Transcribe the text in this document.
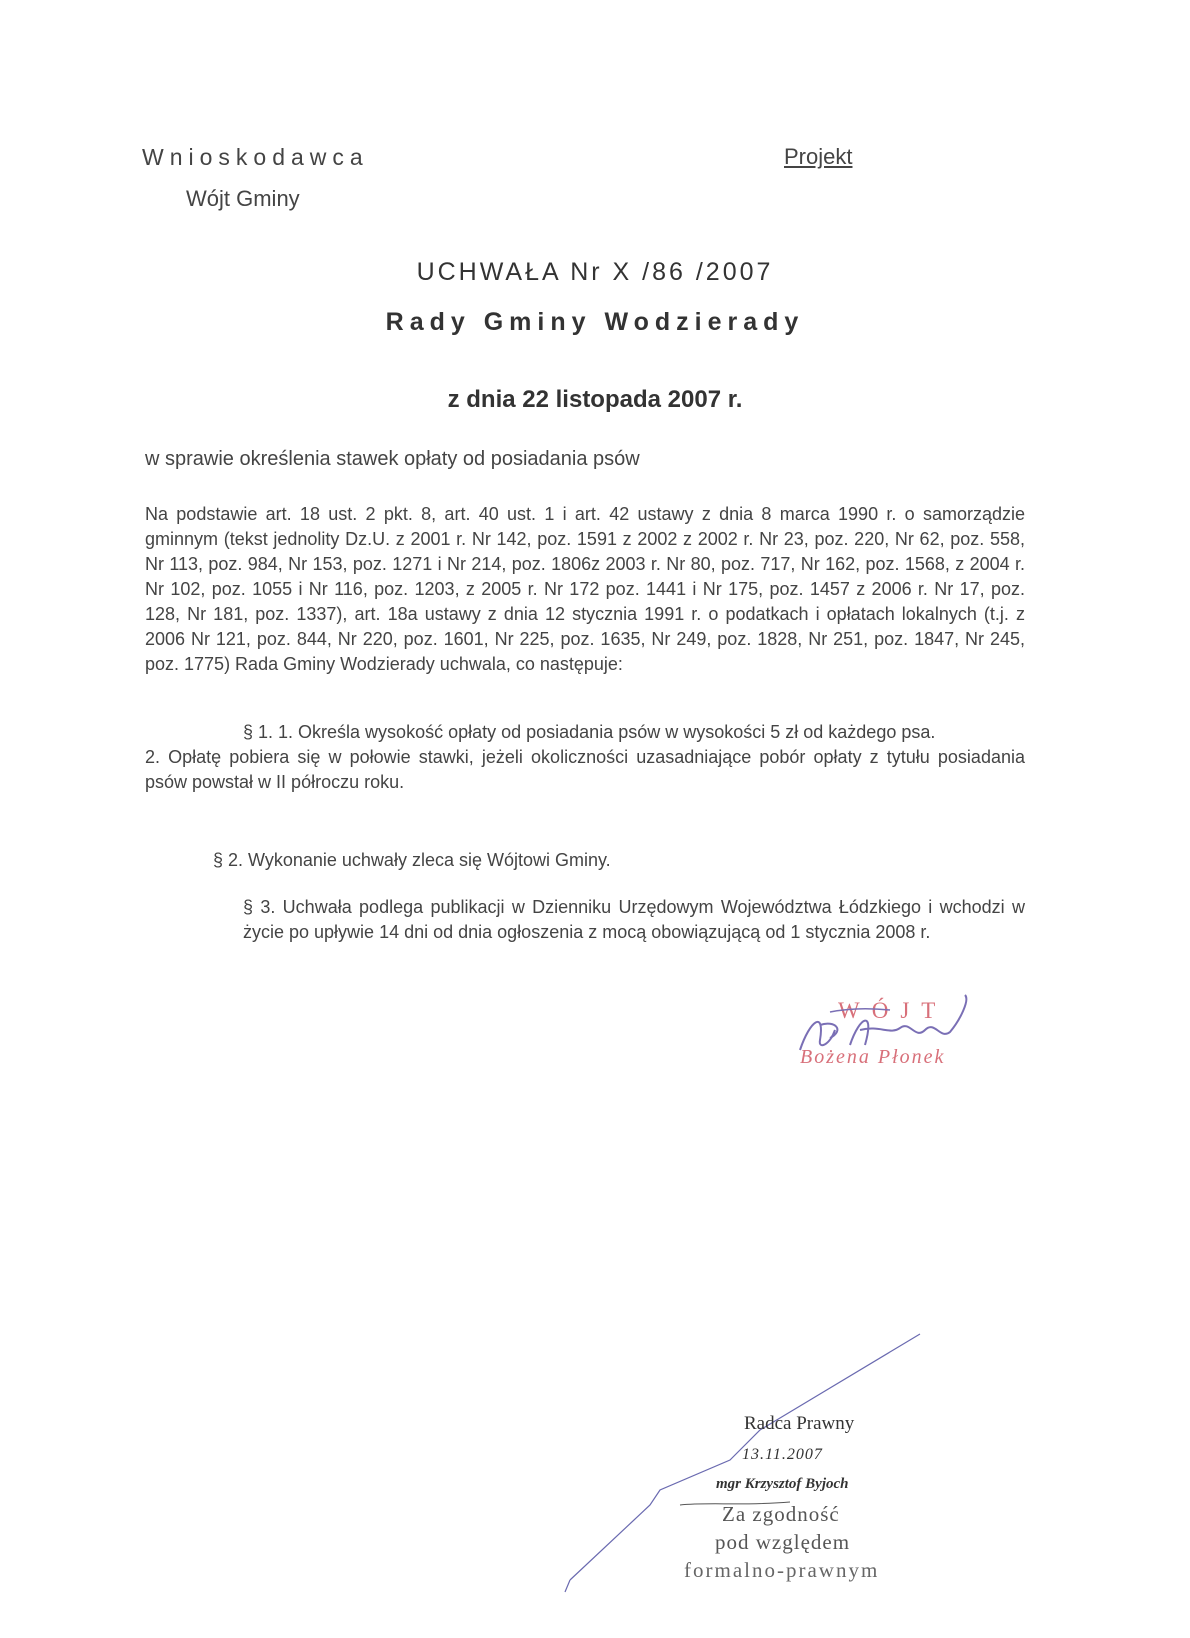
Wnioskodawca
Wójt Gminy
Projekt
UCHWAŁA Nr X /86 /2007
Rady Gminy Wodzierady
z dnia 22 listopada 2007 r.
w sprawie określenia stawek opłaty od posiadania psów
Na podstawie art. 18 ust. 2 pkt. 8, art. 40 ust. 1 i art. 42 ustawy z dnia 8 marca 1990 r. o samorządzie gminnym (tekst jednolity Dz.U. z 2001 r. Nr 142, poz. 1591 z 2002 z 2002 r. Nr 23, poz. 220, Nr 62, poz. 558, Nr 113, poz. 984, Nr 153, poz. 1271 i Nr 214, poz. 1806z 2003 r. Nr 80, poz. 717, Nr 162, poz. 1568, z 2004 r. Nr 102, poz. 1055 i Nr 116, poz. 1203, z 2005 r. Nr 172 poz. 1441 i Nr 175, poz. 1457 z 2006 r. Nr 17, poz. 128, Nr 181, poz. 1337), art. 18a ustawy z dnia 12 stycznia 1991 r. o podatkach i opłatach lokalnych (t.j. z 2006 Nr 121, poz. 844, Nr 220, poz. 1601, Nr 225, poz. 1635, Nr 249, poz. 1828, Nr 251, poz. 1847, Nr 245, poz. 1775) Rada Gminy Wodzierady uchwala, co następuje:
§ 1. 1. Określa wysokość opłaty od posiadania psów w wysokości 5 zł od każdego psa.
2. Opłatę pobiera się w połowie stawki, jeżeli okoliczności uzasadniające pobór opłaty z tytułu posiadania psów powstał w II półroczu roku.
§ 2. Wykonanie uchwały zleca się Wójtowi Gminy.
§ 3. Uchwała podlega publikacji w Dzienniku Urzędowym Województwa Łódzkiego i wchodzi w życie po upływie 14 dni od dnia ogłoszenia z mocą obowiązującą od 1 stycznia 2008 r.
WÓJT
Bożena Płonek
Radca Prawny
13.11.2007
mgr Krzysztof Byjoch
Za zgodność
pod względem
formalno-prawnym
